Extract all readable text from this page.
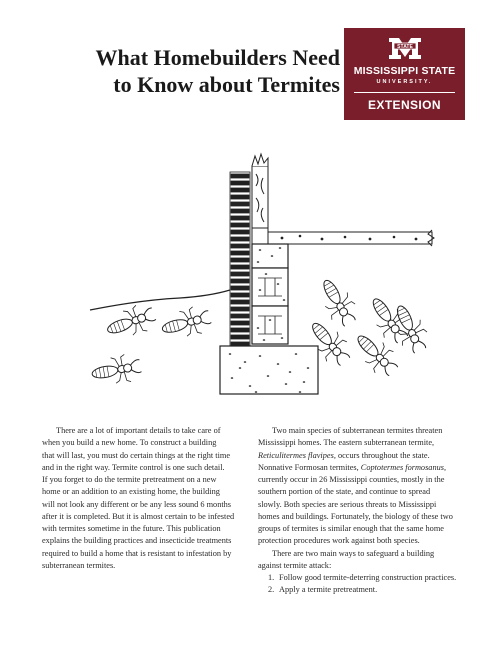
What Homebuilders Need
to Know about Termites
STATE
MISSISSIPPI STATE
UNIVERSITY.
EXTENSION

There are a lot of important details to take care of

when you build a new home. To construct a building

that will last, you must do certain things at the right time

and in the right way. Termite control is one such detail.

If you forget to do the termite pretreatment on a new

home or an addition to an existing home, the building

will not look any different or be any less sound 6 months

after it is completed. But it is almost certain to be infested

with termites sometime in the future. This publication

explains the building practices and insecticide treatments

required to build a home that is resistant to infestation by

subterranean termites.

Two main species of subterranean termites threaten

Mississippi homes. The eastern subterranean termite,

Reticulitermes flavipes, occurs throughout the state.

Nonnative Formosan termites, Coptotermes formosanus,

currently occur in 26 Mississippi counties, mostly in the

southern portion of the state, and continue to spread

slowly. Both species are serious threats to Mississippi

homes and buildings. Fortunately, the biology of these two

groups of termites is similar enough that the same home

protection procedures work against both species.

There are two main ways to safeguard a building

against termite attack:

1. Follow good termite-deterring construction practices.
2. Apply a termite pretreatment.
